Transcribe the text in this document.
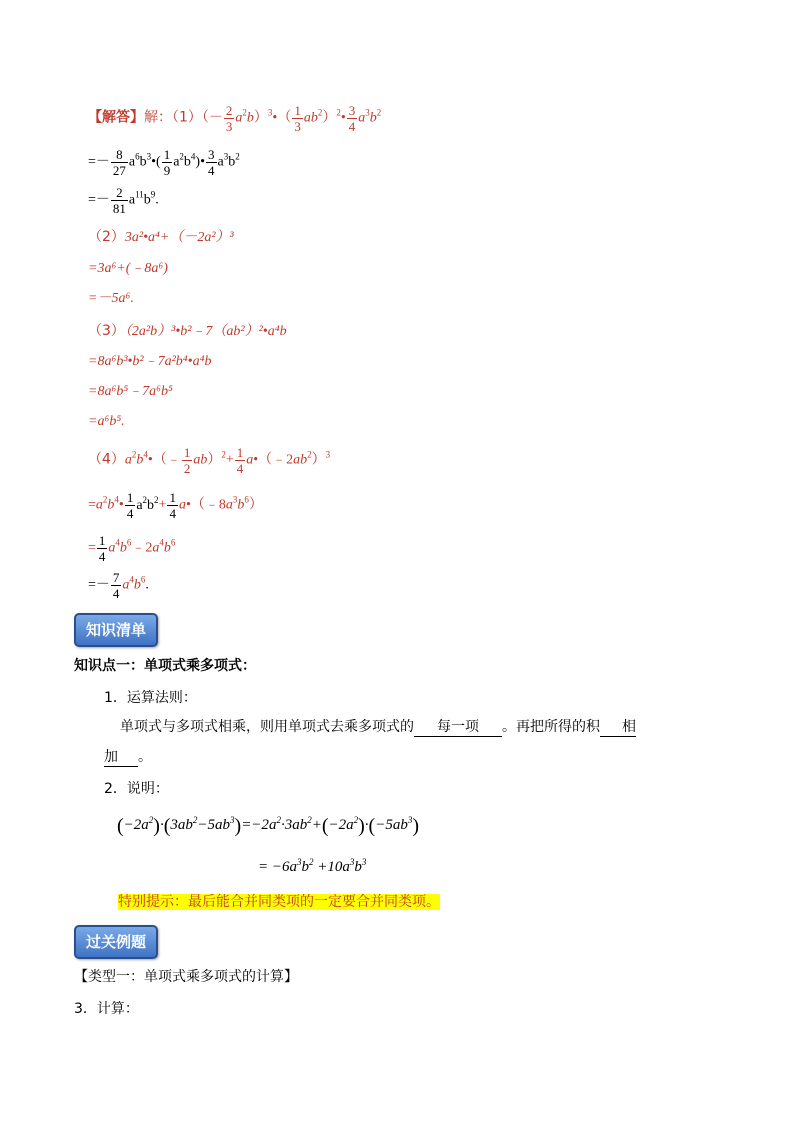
【解答】解：$(1)(- \frac{2}{3}$ $a^2b)^3•( \frac{1}{3}$ $ab^2)^2• \frac{3}{4} a^3b^2$
=－ $\frac{8}{27}$ $a^6b^3•( \frac{1}{9}$ $a^2b^4)• \frac{3}{4} a^3b^2$
=－ $\frac{2}{81} a^{11}b^9$.
（2）3a²•a⁴+（－2a²）³
=3a⁶+(﹣8a⁶)
=－5a⁶.
（3）（2a²b）³•b²﹣7（ab²）²•a⁴b
=8a⁶b³•b²﹣7a²b⁴•a⁴b
=8a⁶b⁵﹣7a⁶b⁵
=a⁶b⁵.
$(4)a^2b^4•(﹣ \frac{1}{2} ab)^2+ \frac{1}{4}$ $a•(﹣2ab^2)^3$
$=a^2b^4• \frac{1}{4} a^2b^2+ \frac{1}{4}$ $a•(﹣8a^3b^6)$
= $\frac{1}{4}$ $a^4b^6﹣2a^4b^6$
=－ $\frac{7}{4} a^4b^6$.
知识清单
知识点一：单项式乘多项式：
1．运算法则：
单项式与多项式相乘，则用单项式去乘多项式的 每一项 。再把所得的积 相
加 。
2．说明：
$(-2a^2)\cdot(3ab^2-5ab^3)=-2a^2\cdot 3ab^2+(-2a^2)\cdot(-5ab^3)$
= $-6a^3b^2 +10a^3b^3$
特别提示：最后能合并同类项的一定要合并同类项。
过关例题
【类型一：单项式乘多项式的计算】
3．计算：
